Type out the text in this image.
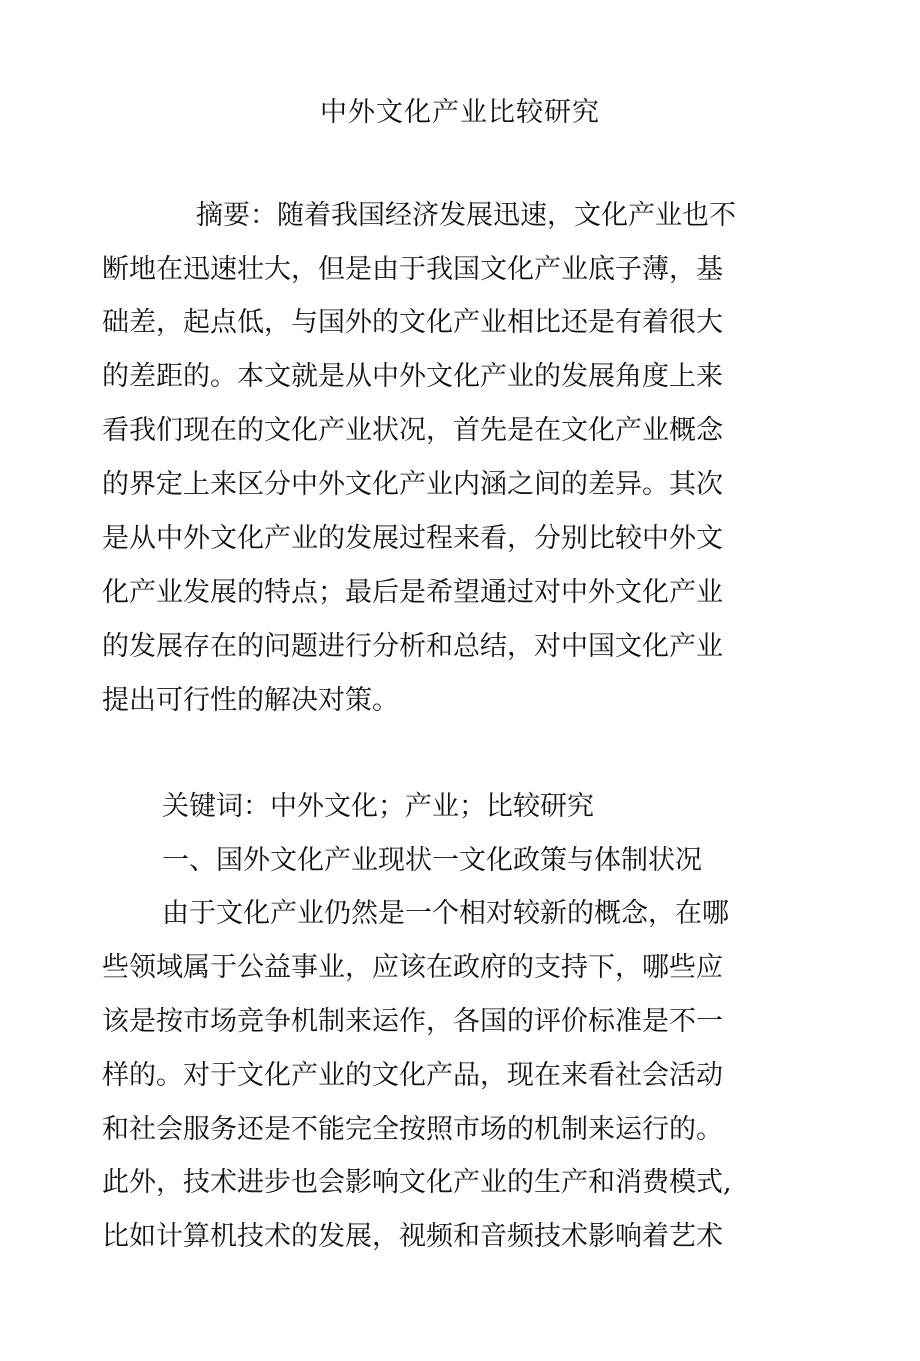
中外文化产业比较研究
摘要：随着我国经济发展迅速，文化产业也不
断地在迅速壮大，但是由于我国文化产业底子薄，基
础差，起点低，与国外的文化产业相比还是有着很大
的差距的。本文就是从中外文化产业的发展角度上来
看我们现在的文化产业状况，首先是在文化产业概念
的界定上来区分中外文化产业内涵之间的差异。其次
是从中外文化产业的发展过程来看，分别比较中外文
化产业发展的特点；最后是希望通过对中外文化产业
的发展存在的问题进行分析和总结，对中国文化产业
提出可行性的解决对策。
关键词：中外文化；产业；比较研究
一、国外文化产业现状一文化政策与体制状况
由于文化产业仍然是一个相对较新的概念，在哪
些领域属于公益事业，应该在政府的支持下，哪些应
该是按市场竞争机制来运作，各国的评价标准是不一
样的。对于文化产业的文化产品，现在来看社会活动
和社会服务还是不能完全按照市场的机制来运行的。
此外，技术进步也会影响文化产业的生产和消费模式,
比如计算机技术的发展，视频和音频技术影响着艺术
